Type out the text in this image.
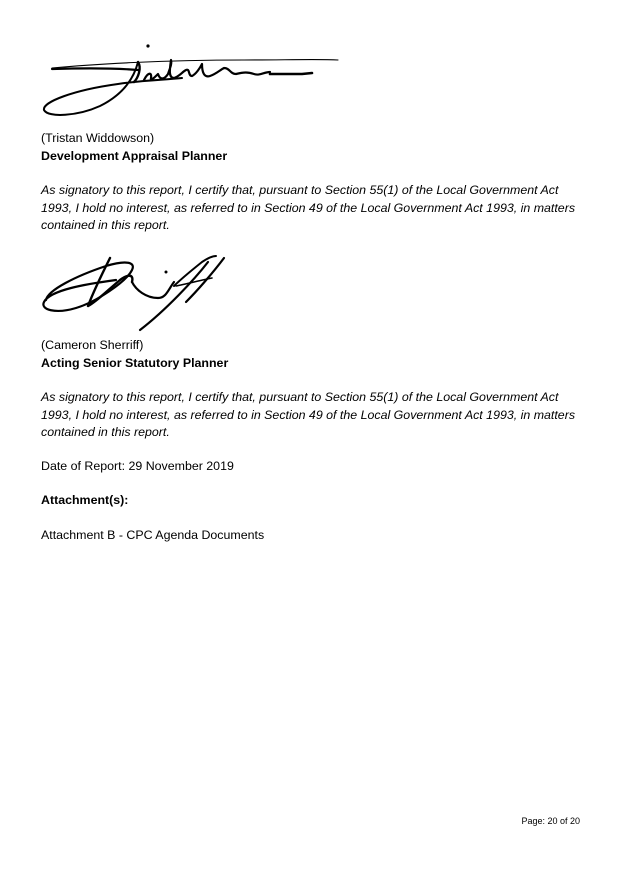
(Tristan Widdowson)

Development Appraisal Planner

As signatory to this report, I certify that, pursuant to Section 55(1) of the Local Government Act 1993, I hold no interest, as referred to in Section 49 of the Local Government Act 1993, in matters contained in this report.

(Cameron Sherriff)

Acting Senior Statutory Planner

As signatory to this report, I certify that, pursuant to Section 55(1) of the Local Government Act 1993, I hold no interest, as referred to in Section 49 of the Local Government Act 1993, in matters contained in this report.

Date of Report: 29 November 2019

Attachment(s):

Attachment B - CPC Agenda Documents

Page: 20 of 20
